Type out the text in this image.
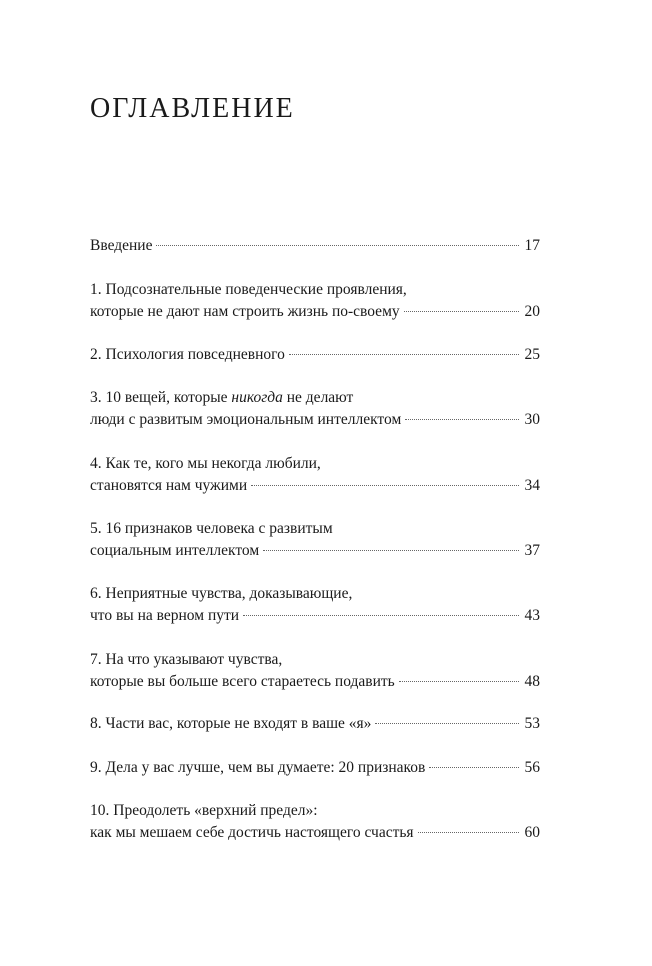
ОГЛАВЛЕНИЕ
Введение	17
1. Подсознательные поведенческие проявления,
которые не дают нам строить жизнь по-своему	20
2. Психология повседневного	25
3. 10 вещей, которые никогда не делают
люди с развитым эмоциональным интеллектом	30
4. Как те, кого мы некогда любили,
становятся нам чужими	34
5. 16 признаков человека с развитым
социальным интеллектом	37
6. Неприятные чувства, доказывающие,
что вы на верном пути	43
7. На что указывают чувства,
которые вы больше всего стараетесь подавить	48
8. Части вас, которые не входят в ваше «я»	53
9. Дела у вас лучше, чем вы думаете: 20 признаков	56
10. Преодолеть «верхний предел»:
как мы мешаем себе достичь настоящего счастья	60
